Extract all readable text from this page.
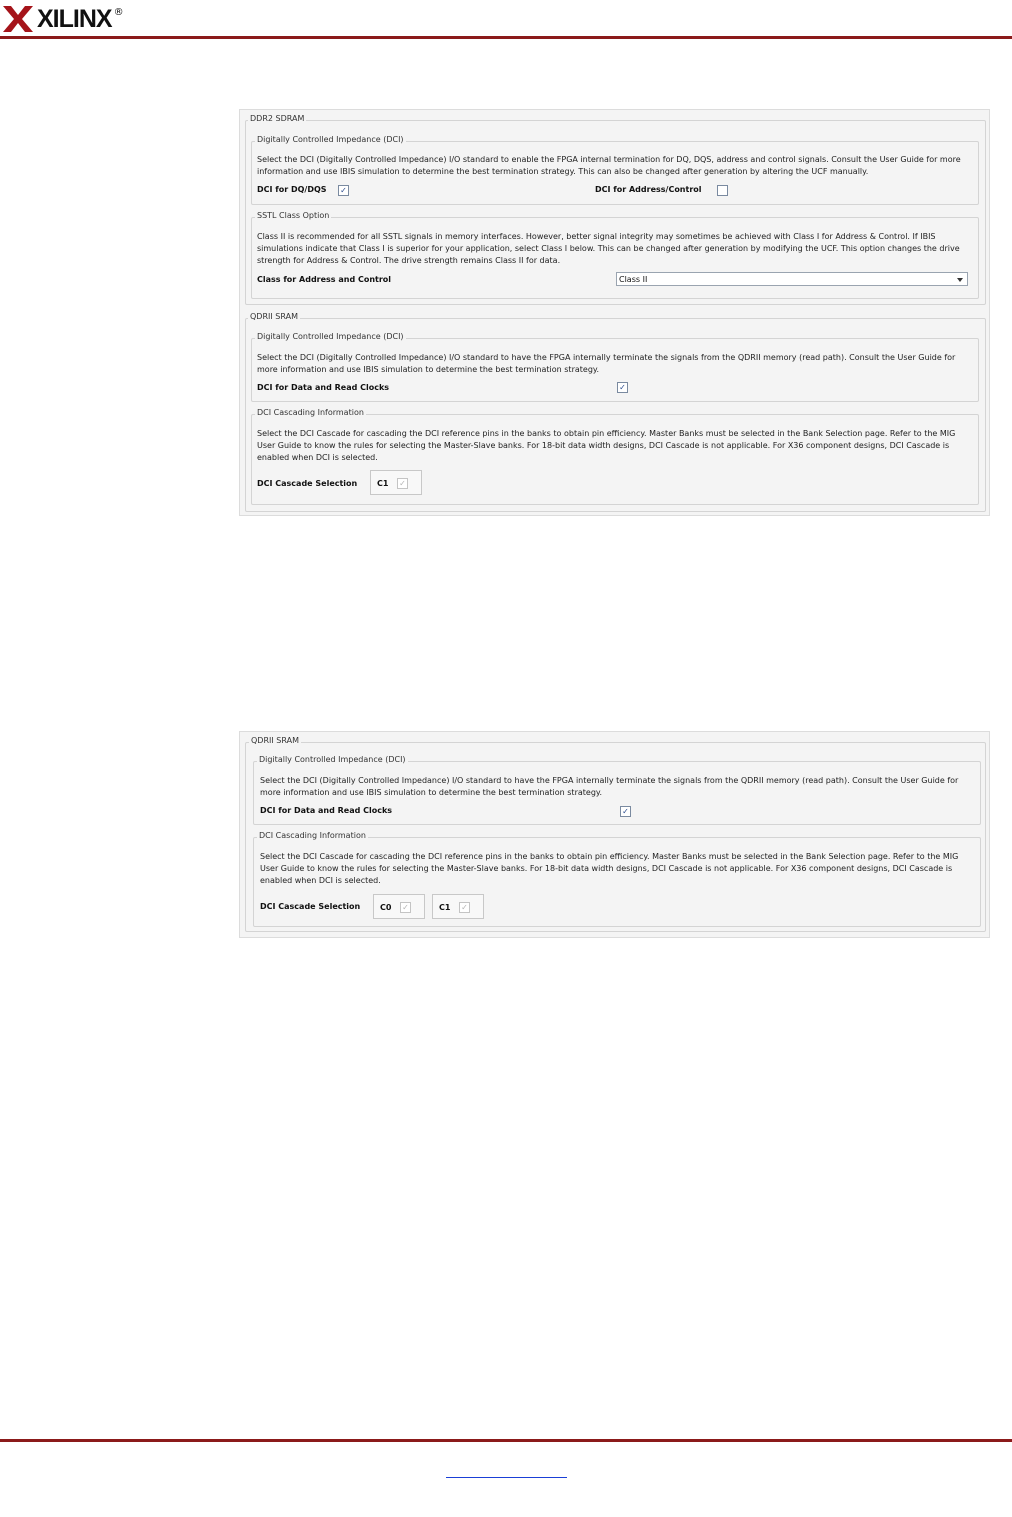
XILINX ®
DDR2 SDRAM
Digitally Controlled Impedance (DCI)
Select the DCI (Digitally Controlled Impedance) I/O standard to enable the FPGA internal termination for DQ, DQS, address and control signals. Consult the User Guide for more information and use IBIS simulation to determine the best termination strategy. This can also be changed after generation by altering the UCF manually.
DCI for DQ/DQS ✓	DCI for Address/Control
SSTL Class Option
Class II is recommended for all SSTL signals in memory interfaces. However, better signal integrity may sometimes be achieved with Class I for Address & Control. If IBIS simulations indicate that Class I is superior for your application, select Class I below. This can be changed after generation by modifying the UCF. This option changes the drive strength for Address & Control. The drive strength remains Class II for data.
Class for Address and Control	Class II
QDRII SRAM
Digitally Controlled Impedance (DCI)
Select the DCI (Digitally Controlled Impedance) I/O standard to have the FPGA internally terminate the signals from the QDRII memory (read path). Consult the User Guide for more information and use IBIS simulation to determine the best termination strategy.
DCI for Data and Read Clocks	✓
DCI Cascading Information
Select the DCI Cascade for cascading the DCI reference pins in the banks to obtain pin efficiency. Master Banks must be selected in the Bank Selection page. Refer to the MIG User Guide to know the rules for selecting the Master-Slave banks. For 18-bit data width designs, DCI Cascade is not applicable. For X36 component designs, DCI Cascade is enabled when DCI is selected.
DCI Cascade Selection C1 ✓
QDRII SRAM
Digitally Controlled Impedance (DCI)
Select the DCI (Digitally Controlled Impedance) I/O standard to have the FPGA internally terminate the signals from the QDRII memory (read path). Consult the User Guide for more information and use IBIS simulation to determine the best termination strategy.
DCI for Data and Read Clocks	✓
DCI Cascading Information
Select the DCI Cascade for cascading the DCI reference pins in the banks to obtain pin efficiency. Master Banks must be selected in the Bank Selection page. Refer to the MIG User Guide to know the rules for selecting the Master-Slave banks. For 18-bit data width designs, DCI Cascade is not applicable. For X36 component designs, DCI Cascade is enabled when DCI is selected.
DCI Cascade Selection C0 ✓	C1 ✓
